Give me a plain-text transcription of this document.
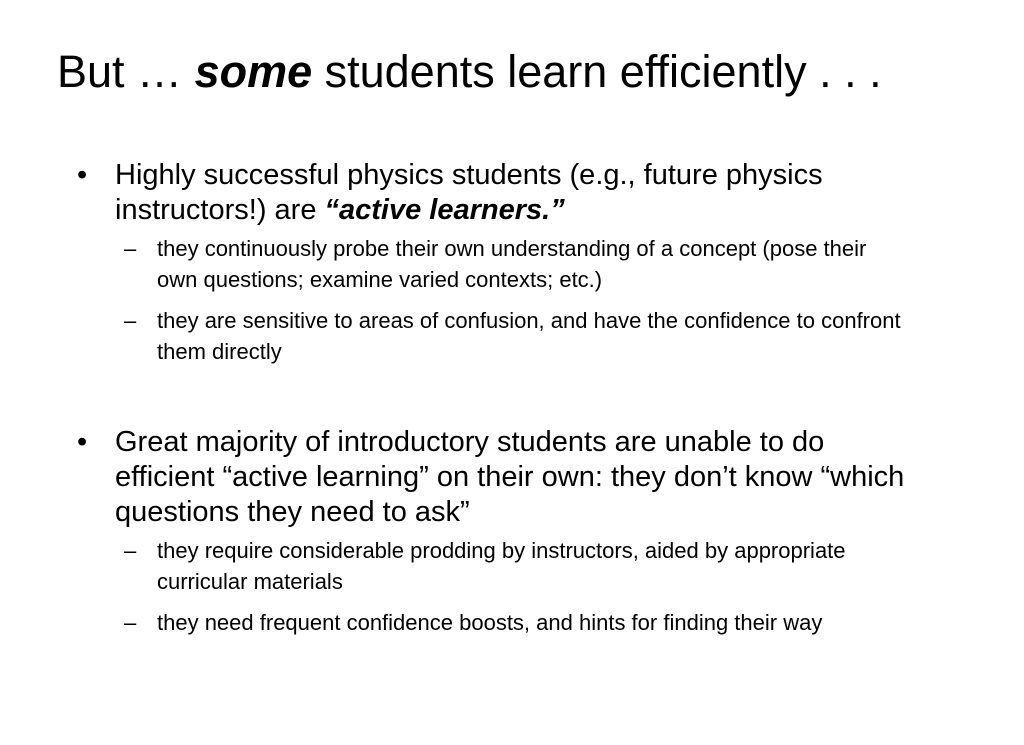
But … some students learn efficiently . . .
• Highly successful physics students (e.g., future physics instructors!) are “active learners.”
– they continuously probe their own understanding of a concept (pose their own questions; examine varied contexts; etc.)
– they are sensitive to areas of confusion, and have the confidence to confront them directly
• Great majority of introductory students are unable to do efficient “active learning” on their own: they don’t know “which questions they need to ask”
– they require considerable prodding by instructors, aided by appropriate curricular materials
– they need frequent confidence boosts, and hints for finding their way
